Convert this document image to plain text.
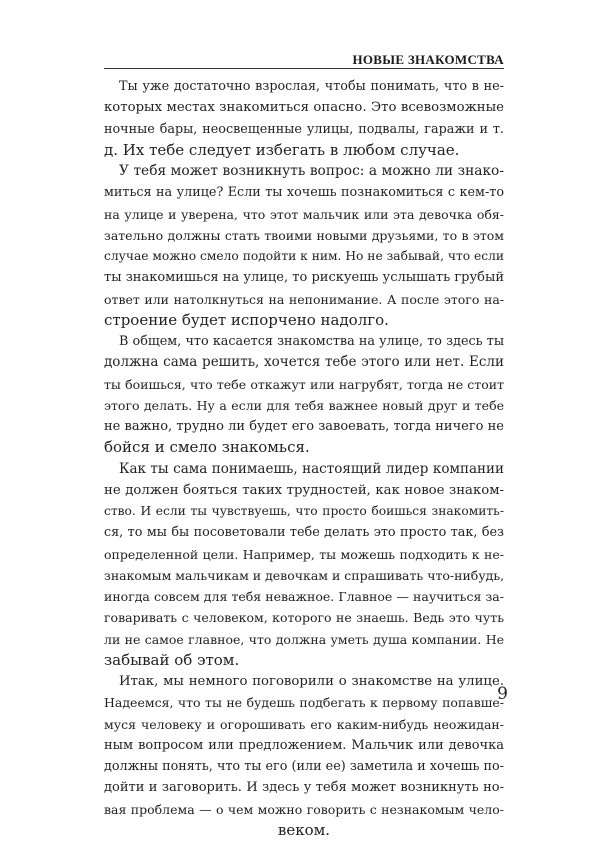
НОВЫЕ ЗНАКОМСТВА
Ты уже достаточно взрослая, чтобы понимать, что в не-
которых местах знакомиться опасно. Это всевозможные
ночные бары, неосвещенные улицы, подвалы, гаражи и т.
д. Их тебе следует избегать в любом случае.
У тебя может возникнуть вопрос: а можно ли знако-
миться на улице? Если ты хочешь познакомиться с кем-то
на улице и уверена, что этот мальчик или эта девочка обя-
зательно должны стать твоими новыми друзьями, то в этом
случае можно смело подойти к ним. Но не забывай, что если
ты знакомишься на улице, то рискуешь услышать грубый
ответ или натолкнуться на непонимание. А после этого на-
строение будет испорчено надолго.
В общем, что касается знакомства на улице, то здесь ты
должна сама решить, хочется тебе этого или нет. Если
ты боишься, что тебе откажут или нагрубят, тогда не стоит
этого делать. Ну а если для тебя важнее новый друг и тебе
не важно, трудно ли будет его завоевать, тогда ничего не
бойся и смело знакомься.
Как ты сама понимаешь, настоящий лидер компании
не должен бояться таких трудностей, как новое знаком-
ство. И если ты чувствуешь, что просто боишься знакомить-
ся, то мы бы посоветовали тебе делать это просто так, без
определенной цели. Например, ты можешь подходить к не-
знакомым мальчикам и девочкам и спрашивать что-нибудь,
иногда совсем для тебя неважное. Главное — научиться за-
говаривать с человеком, которого не знаешь. Ведь это чуть
ли не самое главное, что должна уметь душа компании. Не
забывай об этом.
Итак, мы немного поговорили о знакомстве на улице.
Надеемся, что ты не будешь подбегать к первому попавше-
муся человеку и огорошивать его каким-нибудь неожидан-
ным вопросом или предложением. Мальчик или девочка
должны понять, что ты его (или ее) заметила и хочешь по-
дойти и заговорить. И здесь у тебя может возникнуть но-
вая проблема — о чем можно говорить с незнакомым чело-
веком.
9
